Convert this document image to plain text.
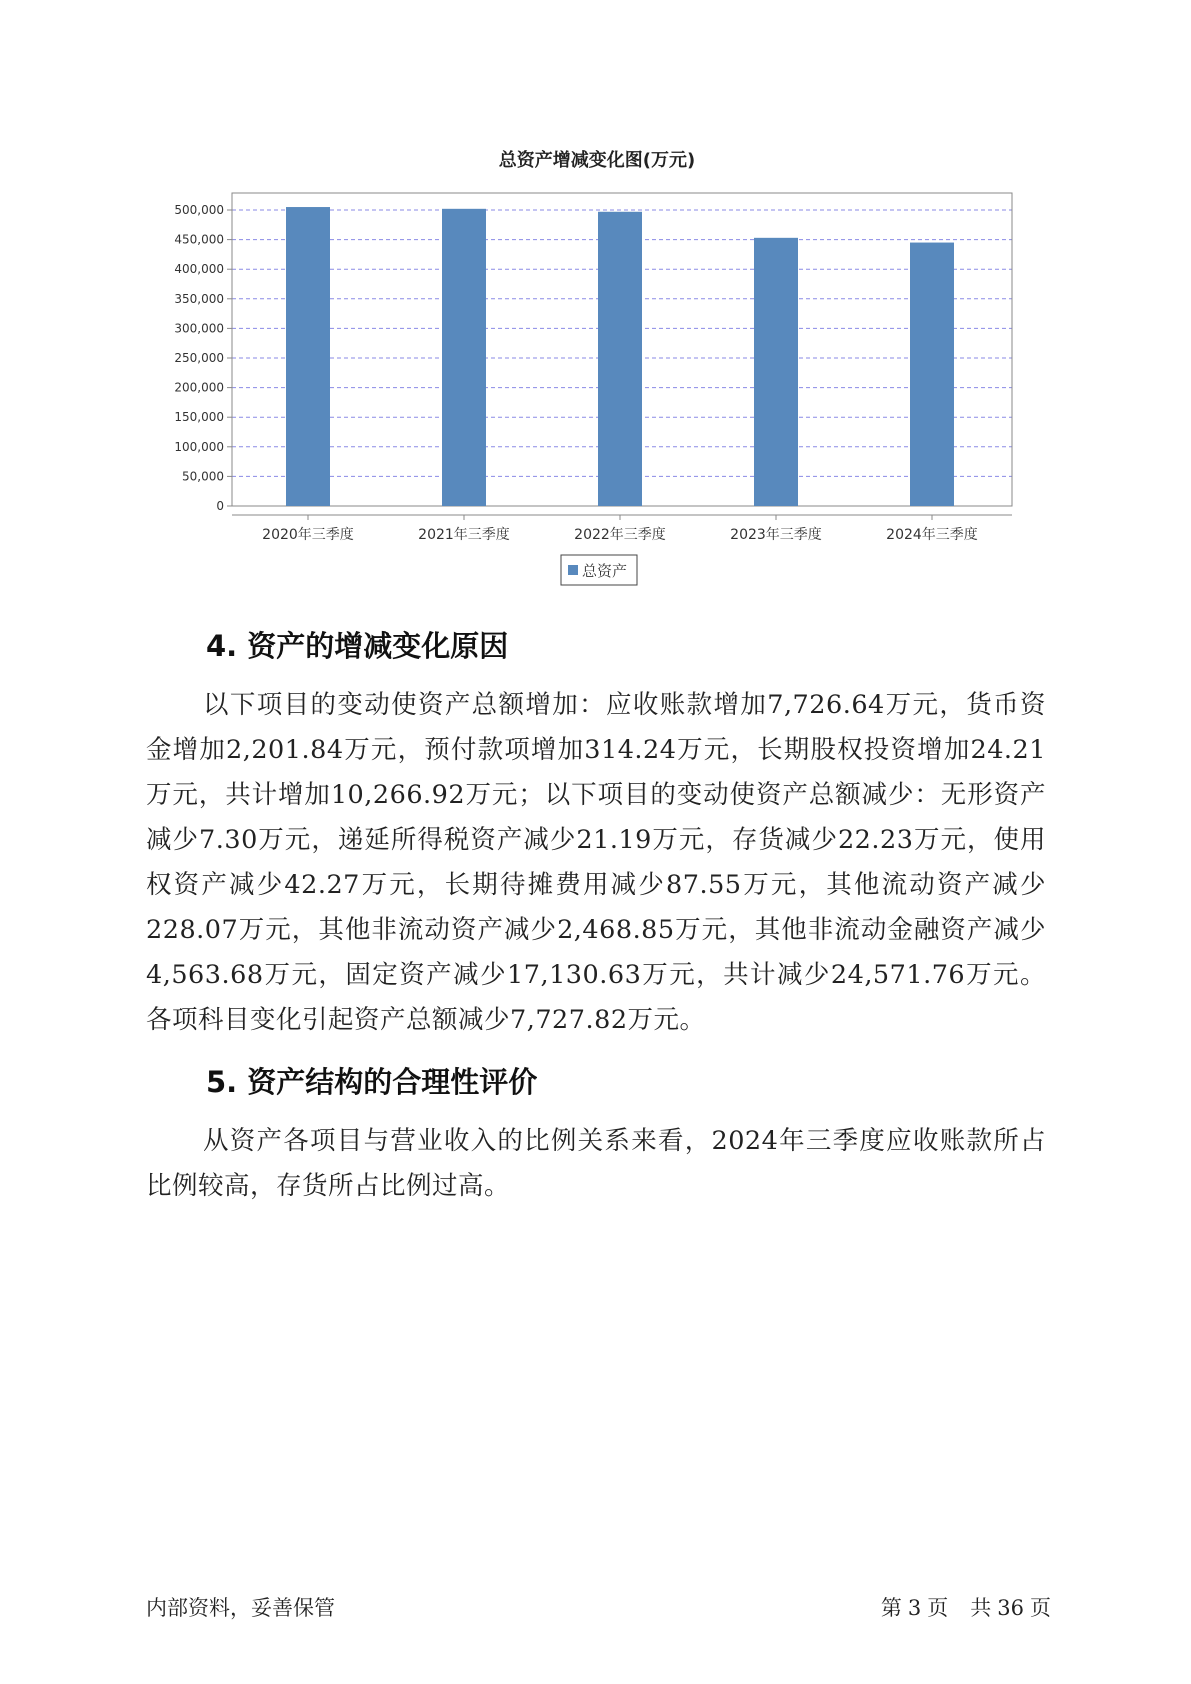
总资产增减变化图(万元)
0
50,000
100,000
150,000
200,000
250,000
300,000
350,000
400,000
450,000
500,000
2020年三季度	2021年三季度	2022年三季度	2023年三季度	2024年三季度
总资产
4. 资产的增减变化原因

以下项目的变动使资产总额增加：应收账款增加7,726.64万元，货币资金增加2,201.84万元，预付款项增加314.24万元，长期股权投资增加24.21万元，共计增加10,266.92万元；以下项目的变动使资产总额减少：无形资产减少7.30万元，递延所得税资产减少21.19万元，存货减少22.23万元，使用权资产减少42.27万元，长期待摊费用减少87.55万元，其他流动资产减少228.07万元，其他非流动资产减少2,468.85万元，其他非流动金融资产减少4,563.68万元，固定资产减少17,130.63万元，共计减少24,571.76万元。各项科目变化引起资产总额减少7,727.82万元。

5. 资产结构的合理性评价

从资产各项目与营业收入的比例关系来看，2024年三季度应收账款所占比例较高，存货所占比例过高。

内部资料，妥善保管	第 3 页 共 36 页
